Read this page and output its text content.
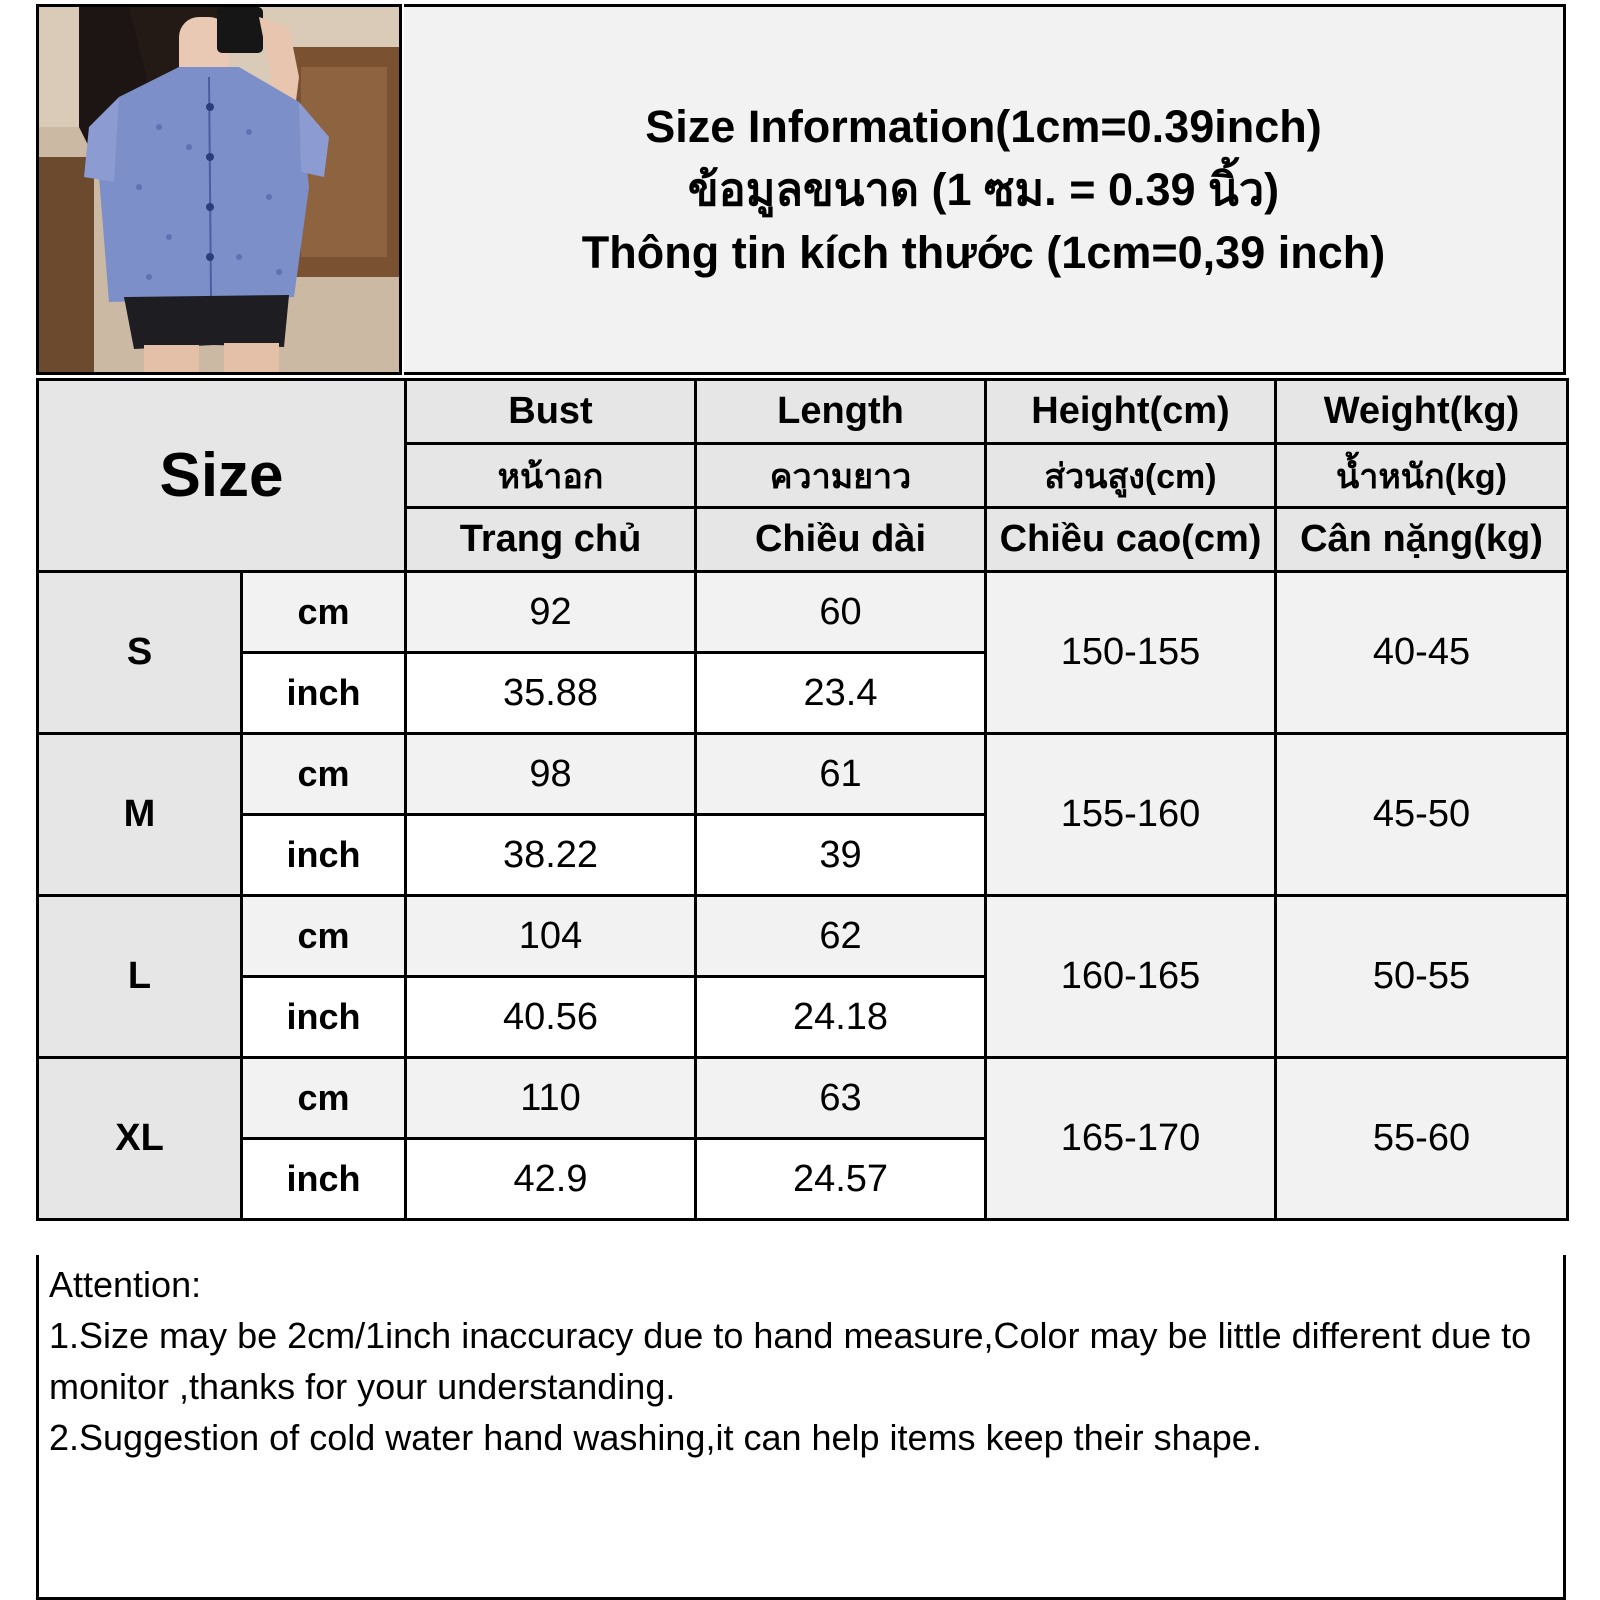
Size Information(1cm=0.39inch)
ข้อมูลขนาด (1 ซม. = 0.39 นิ้ว)
Thông tin kích thước (1cm=0,39 inch)
Size		Bust	Length	Height(cm)	Weight(kg)
		หน้าอก	ความยาว	ส่วนสูง(cm)	น้ำหนัก(kg)
		Trang chủ	Chiều dài	Chiều cao(cm)	Cân nặng(kg)
S	cm	92	60	150-155	40-45
	inch	35.88	23.4		
M	cm	98	61	155-160	45-50
	inch	38.22	39		
L	cm	104	62	160-165	50-55
	inch	40.56	24.18		
XL	cm	110	63	165-170	55-60
	inch	42.9	24.57		

Attention:

1.Size may be 2cm/1inch inaccuracy due to hand measure,Color may be little different due to monitor ,thanks for your understanding.

2.Suggestion of cold water hand washing,it can help items keep their shape.
